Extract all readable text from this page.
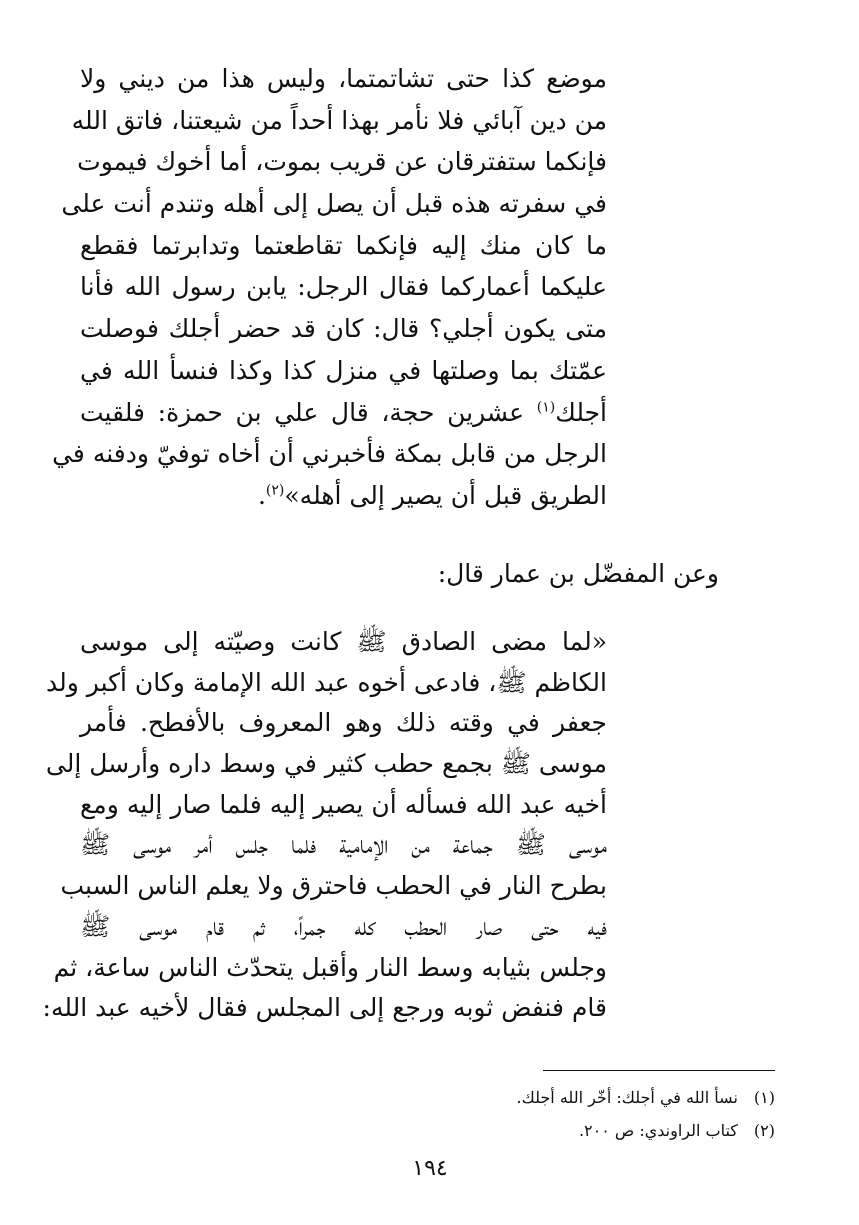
موضع كذا حتى تشاتمتما، وليس هذا من ديني ولا
من دين آبائي فلا نأمر بهذا أحداً من شيعتنا، فاتق الله
فإنكما ستفترقان عن قريب بموت، أما أخوك فيموت
في سفرته هذه قبل أن يصل إلى أهله وتندم أنت على
ما كان منك إليه فإنكما تقاطعتما وتدابرتما فقطع
عليكما أعماركما فقال الرجل: يابن رسول الله فأنا
متى يكون أجلي؟ قال: كان قد حضر أجلك فوصلت
عمّتك بما وصلتها في منزل كذا وكذا فنسأ الله في
أجلك$^{(١)}$ عشرين حجة، قال علي بن حمزة: فلقيت
الرجل من قابل بمكة فأخبرني أن أخاه توفيّ ودفنه في
الطريق قبل أن يصير إلى أهله»$^{(٢)}$.
وعن المفضّل بن عمار قال:
«لما مضى الصادق ﷺ كانت وصيّته إلى موسى
الكاظم ﷺ، فادعى أخوه عبد الله الإمامة وكان أكبر ولد
جعفر في وقته ذلك وهو المعروف بالأفطح. فأمر
موسى ﷺ بجمع حطب كثير في وسط داره وأرسل إلى
أخيه عبد الله فسأله أن يصير إليه فلما صار إليه ومع
موسى ﷺ جماعة من الإمامية فلما جلس أمر موسى ﷺ
بطرح النار في الحطب فاحترق ولا يعلم الناس السبب
فيه حتى صار الحطب كله جمراً، ثم قام موسى ﷺ
وجلس بثيابه وسط النار وأقبل يتحدّث الناس ساعة، ثم
قام فنفض ثوبه ورجع إلى المجلس فقال لأخيه عبد الله:
(١) نسأ الله في أجلك: أخّر الله أجلك.
(٢) كتاب الراوندي: ص ٢٠٠.
١٩٤
